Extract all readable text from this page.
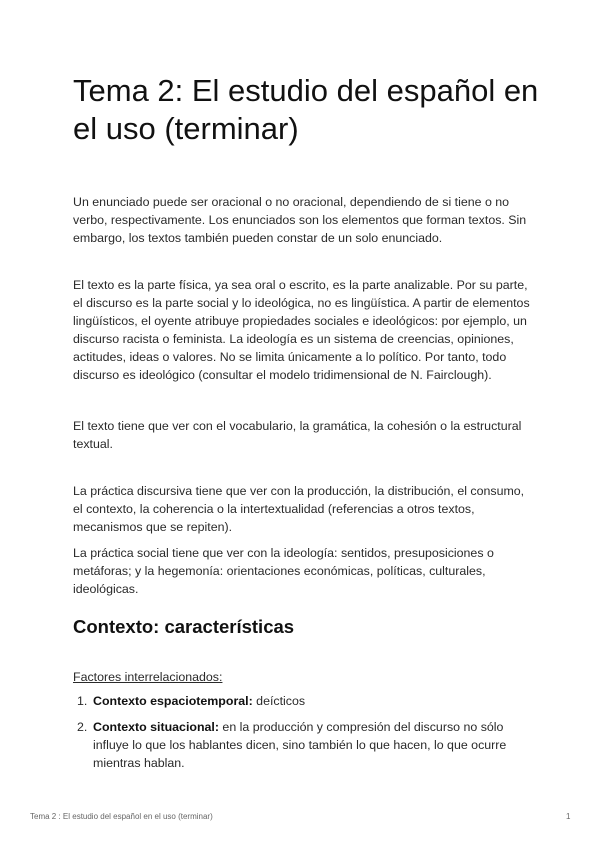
Tema 2: El estudio del español en el uso (terminar)

Un enunciado puede ser oracional o no oracional, dependiendo de si tiene o no verbo, respectivamente. Los enunciados son los elementos que forman textos. Sin embargo, los textos también pueden constar de un solo enunciado.

El texto es la parte física, ya sea oral o escrito, es la parte analizable. Por su parte, el discurso es la parte social y lo ideológica, no es lingüística. A partir de elementos lingüísticos, el oyente atribuye propiedades sociales e ideológicos: por ejemplo, un discurso racista o feminista. La ideología es un sistema de creencias, opiniones, actitudes, ideas o valores. No se limita únicamente a lo político. Por tanto, todo discurso es ideológico (consultar el modelo tridimensional de N. Fairclough).

El texto tiene que ver con el vocabulario, la gramática, la cohesión o la estructural textual.

La práctica discursiva tiene que ver con la producción, la distribución, el consumo, el contexto, la coherencia o la intertextualidad (referencias a otros textos, mecanismos que se repiten).

La práctica social tiene que ver con la ideología: sentidos, presuposiciones o metáforas; y la hegemonía: orientaciones económicas, políticas, culturales, ideológicas.

Contexto: características

Factores interrelacionados:

1. Contexto espaciotemporal: deícticos
2. Contexto situacional: en la producción y compresión del discurso no sólo influye lo que los hablantes dicen, sino también lo que hacen, lo que ocurre mientras hablan.

Tema 2 : El estudio del español en el uso (terminar)	1
